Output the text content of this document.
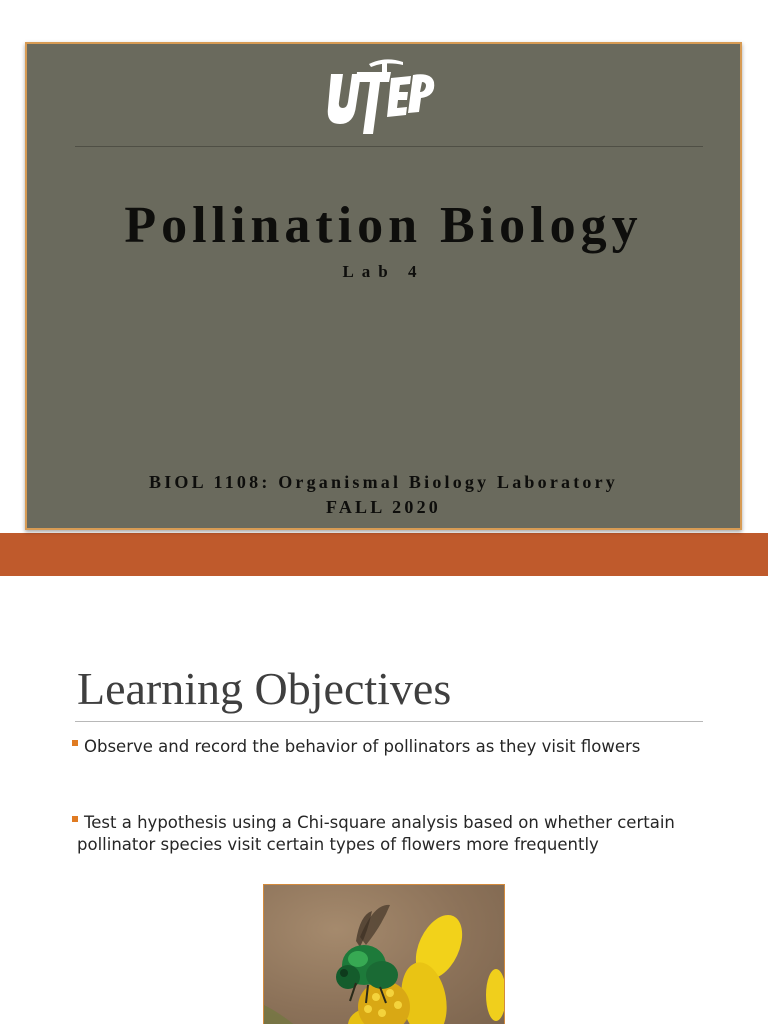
Pollination Biology
Lab 4
BIOL 1108: Organismal Biology Laboratory
FALL 2020
Learning Objectives
Observe and record the behavior of pollinators as they visit flowers
Test a hypothesis using a Chi-square analysis based on whether certain
pollinator species visit certain types of flowers more frequently
